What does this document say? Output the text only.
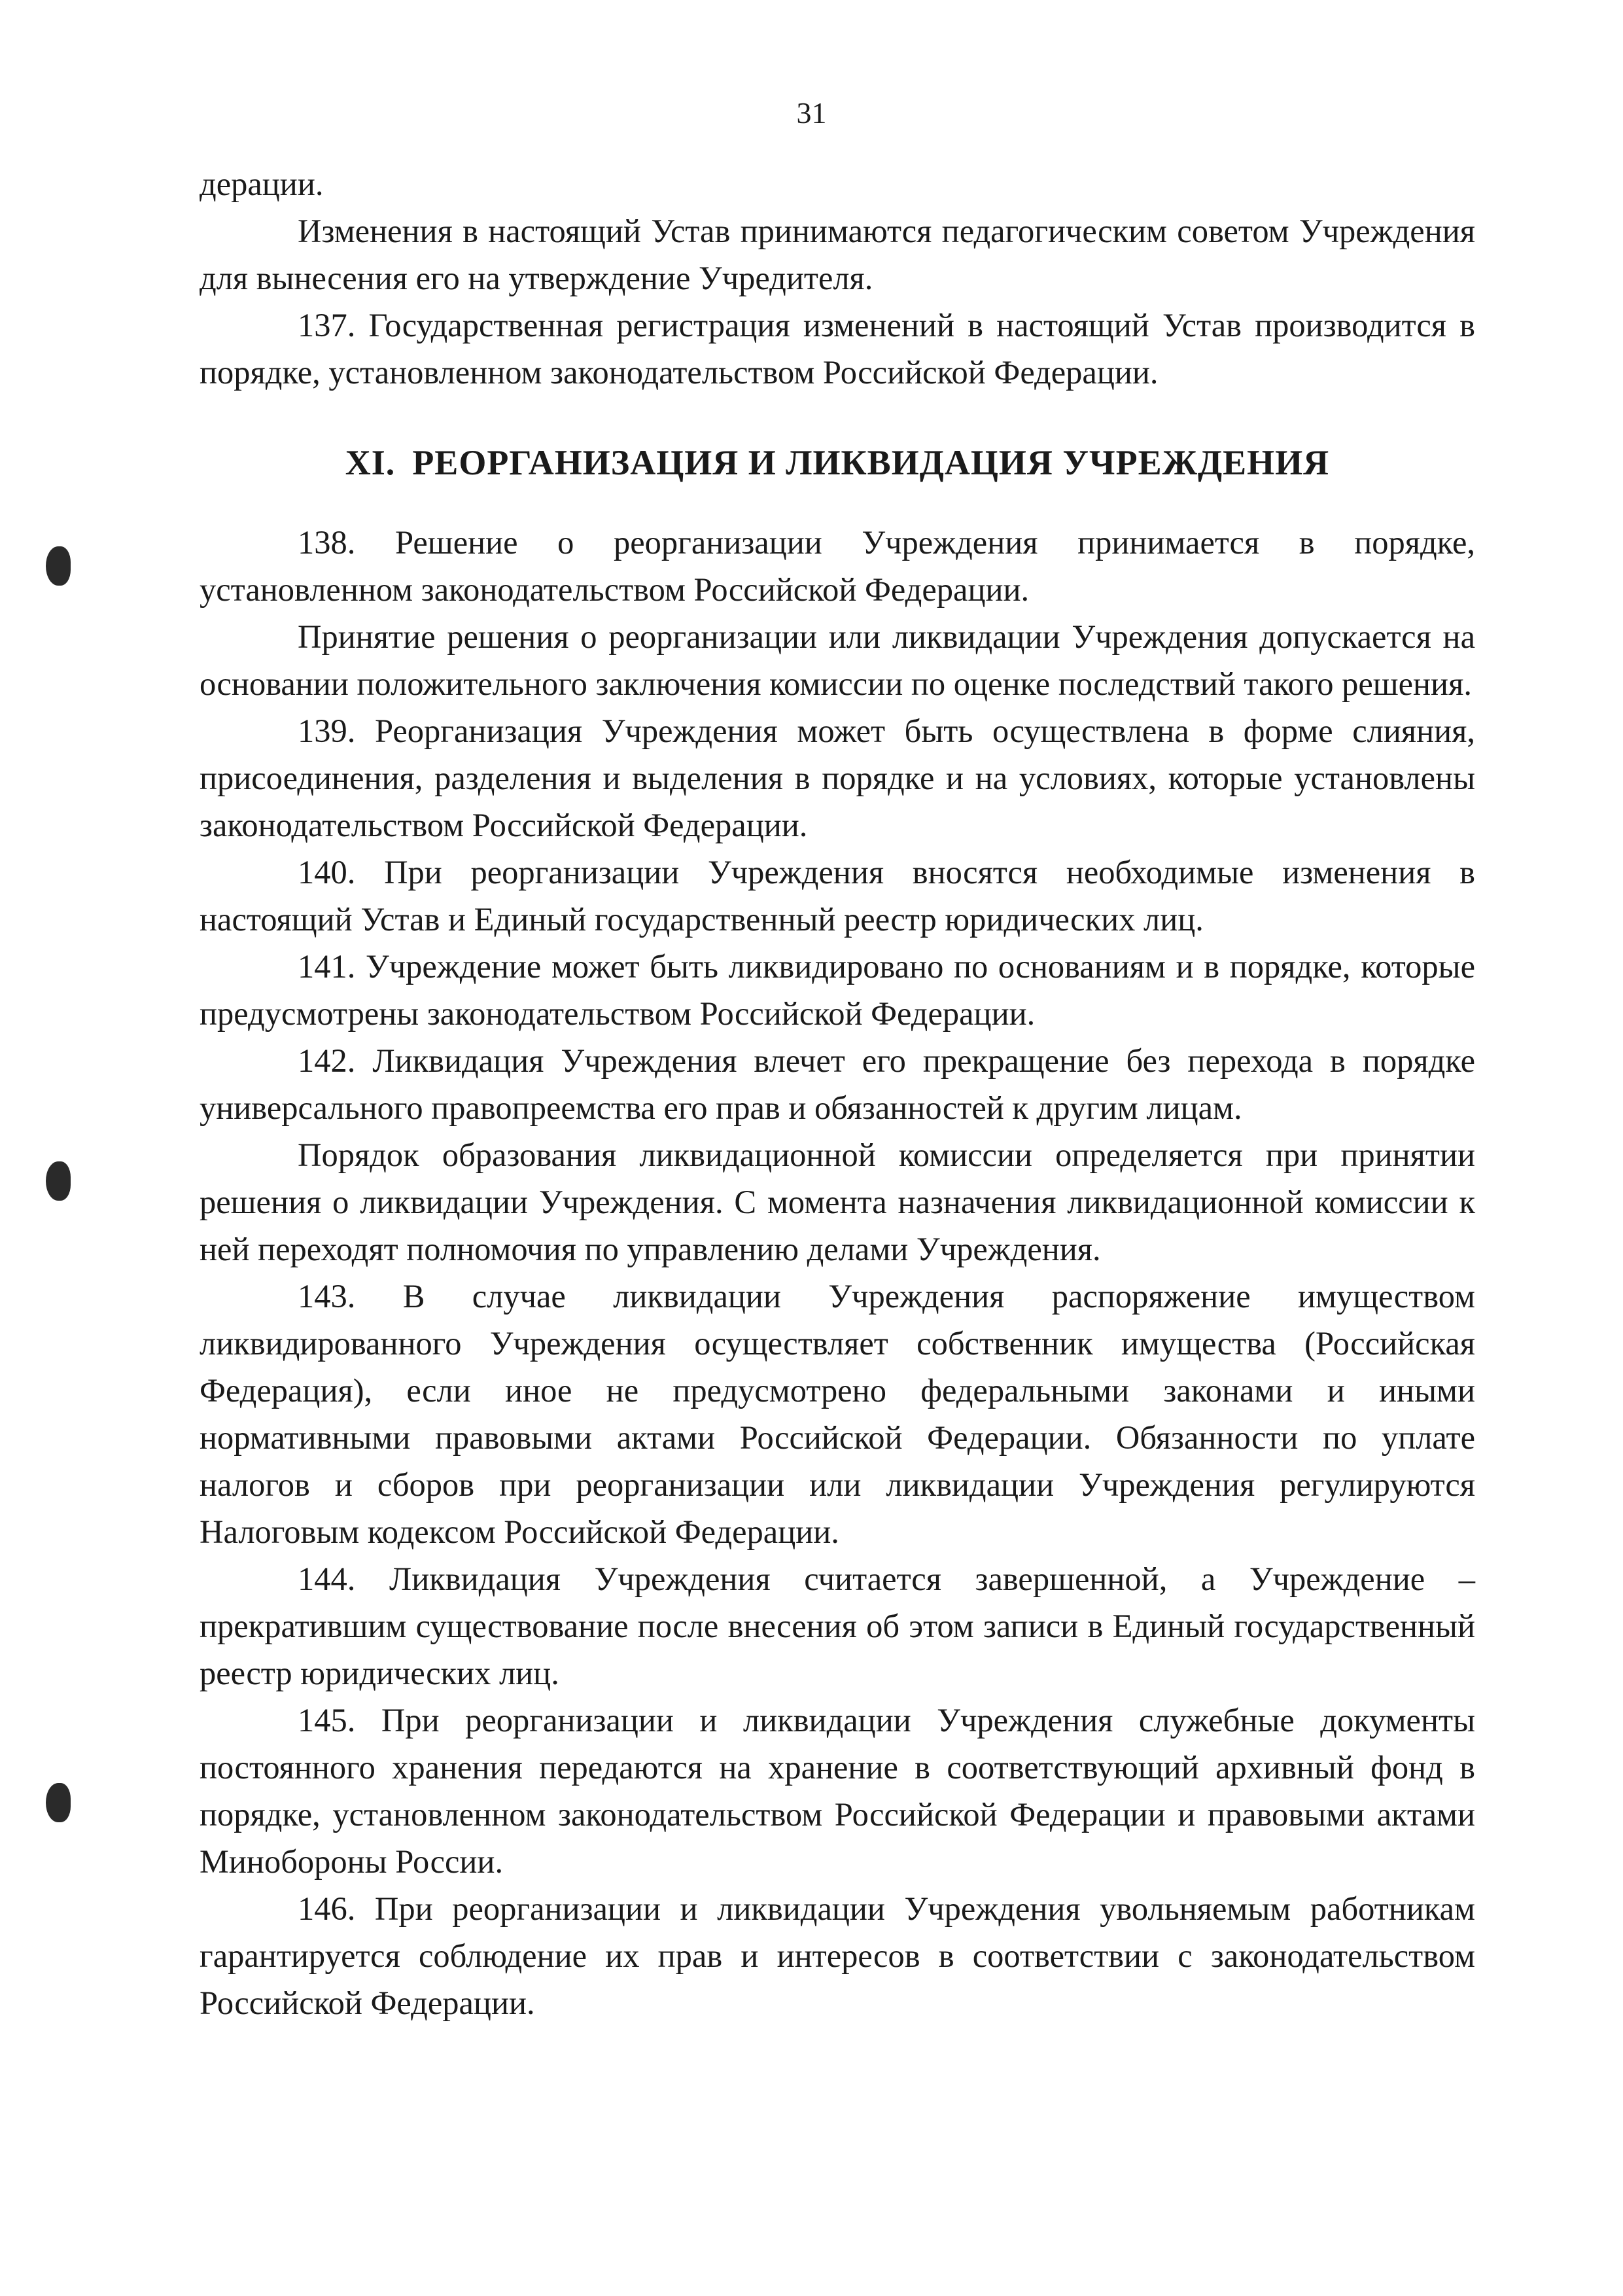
31

дерации.

Изменения в настоящий Устав принимаются педагогическим советом Учреждения для вынесения его на утверждение Учредителя.

137. Государственная регистрация изменений в настоящий Устав производится в порядке, установленном законодательством Российской Федерации.

XI. РЕОРГАНИЗАЦИЯ И ЛИКВИДАЦИЯ УЧРЕЖДЕНИЯ

138. Решение о реорганизации Учреждения принимается в порядке, установленном законодательством Российской Федерации.

Принятие решения о реорганизации или ликвидации Учреждения допускается на основании положительного заключения комиссии по оценке последствий такого решения.

139. Реорганизация Учреждения может быть осуществлена в форме слияния, присоединения, разделения и выделения в порядке и на условиях, которые установлены законодательством Российской Федерации.

140. При реорганизации Учреждения вносятся необходимые изменения в настоящий Устав и Единый государственный реестр юридических лиц.

141. Учреждение может быть ликвидировано по основаниям и в порядке, которые предусмотрены законодательством Российской Федерации.

142. Ликвидация Учреждения влечет его прекращение без перехода в порядке универсального правопреемства его прав и обязанностей к другим лицам.

Порядок образования ликвидационной комиссии определяется при принятии решения о ликвидации Учреждения. С момента назначения ликвидационной комиссии к ней переходят полномочия по управлению делами Учреждения.

143. В случае ликвидации Учреждения распоряжение имуществом ликвидированного Учреждения осуществляет собственник имущества (Российская Федерация), если иное не предусмотрено федеральными законами и иными нормативными правовыми актами Российской Федерации. Обязанности по уплате налогов и сборов при реорганизации или ликвидации Учреждения регулируются Налоговым кодексом Российской Федерации.

144. Ликвидация Учреждения считается завершенной, а Учреждение – прекратившим существование после внесения об этом записи в Единый государственный реестр юридических лиц.

145. При реорганизации и ликвидации Учреждения служебные документы постоянного хранения передаются на хранение в соответствующий архивный фонд в порядке, установленном законодательством Российской Федерации и правовыми актами Минобороны России.

146. При реорганизации и ликвидации Учреждения увольняемым работникам гарантируется соблюдение их прав и интересов в соответствии с законодательством Российской Федерации.
